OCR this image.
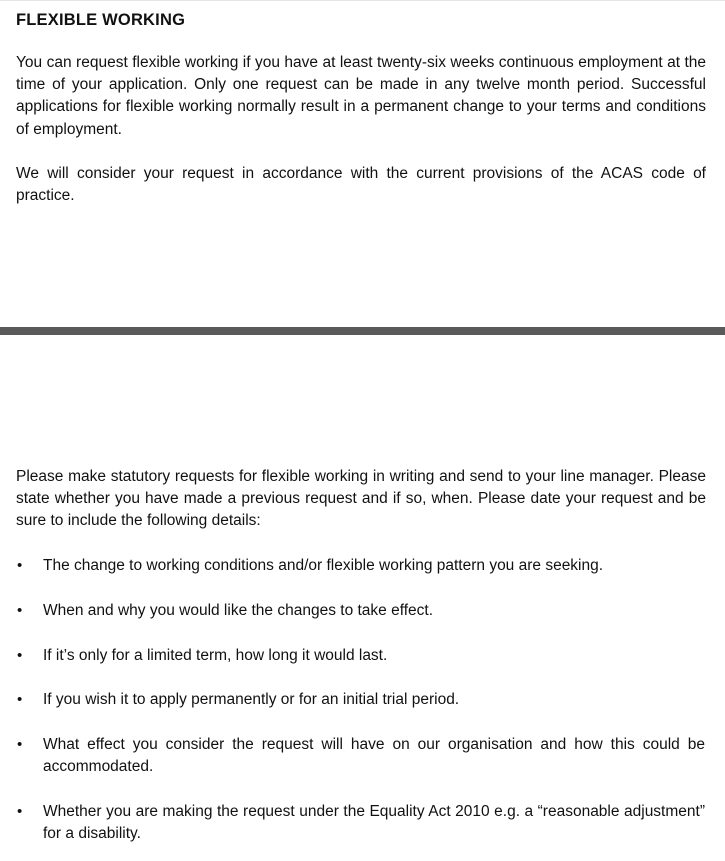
FLEXIBLE WORKING

You can request flexible working if you have at least twenty-six weeks continuous employment at the time of your application. Only one request can be made in any twelve month period. Successful applications for flexible working normally result in a permanent change to your terms and conditions of employment.

We will consider your request in accordance with the current provisions of the ACAS code of practice.

Please make statutory requests for flexible working in writing and send to your line manager. Please state whether you have made a previous request and if so, when. Please date your request and be sure to include the following details:

• The change to working conditions and/or flexible working pattern you are seeking.
• When and why you would like the changes to take effect.
• If it’s only for a limited term, how long it would last.
• If you wish it to apply permanently or for an initial trial period.
• What effect you consider the request will have on our organisation and how this could be accommodated.
• Whether you are making the request under the Equality Act 2010 e.g. a “reasonable adjustment” for a disability.
